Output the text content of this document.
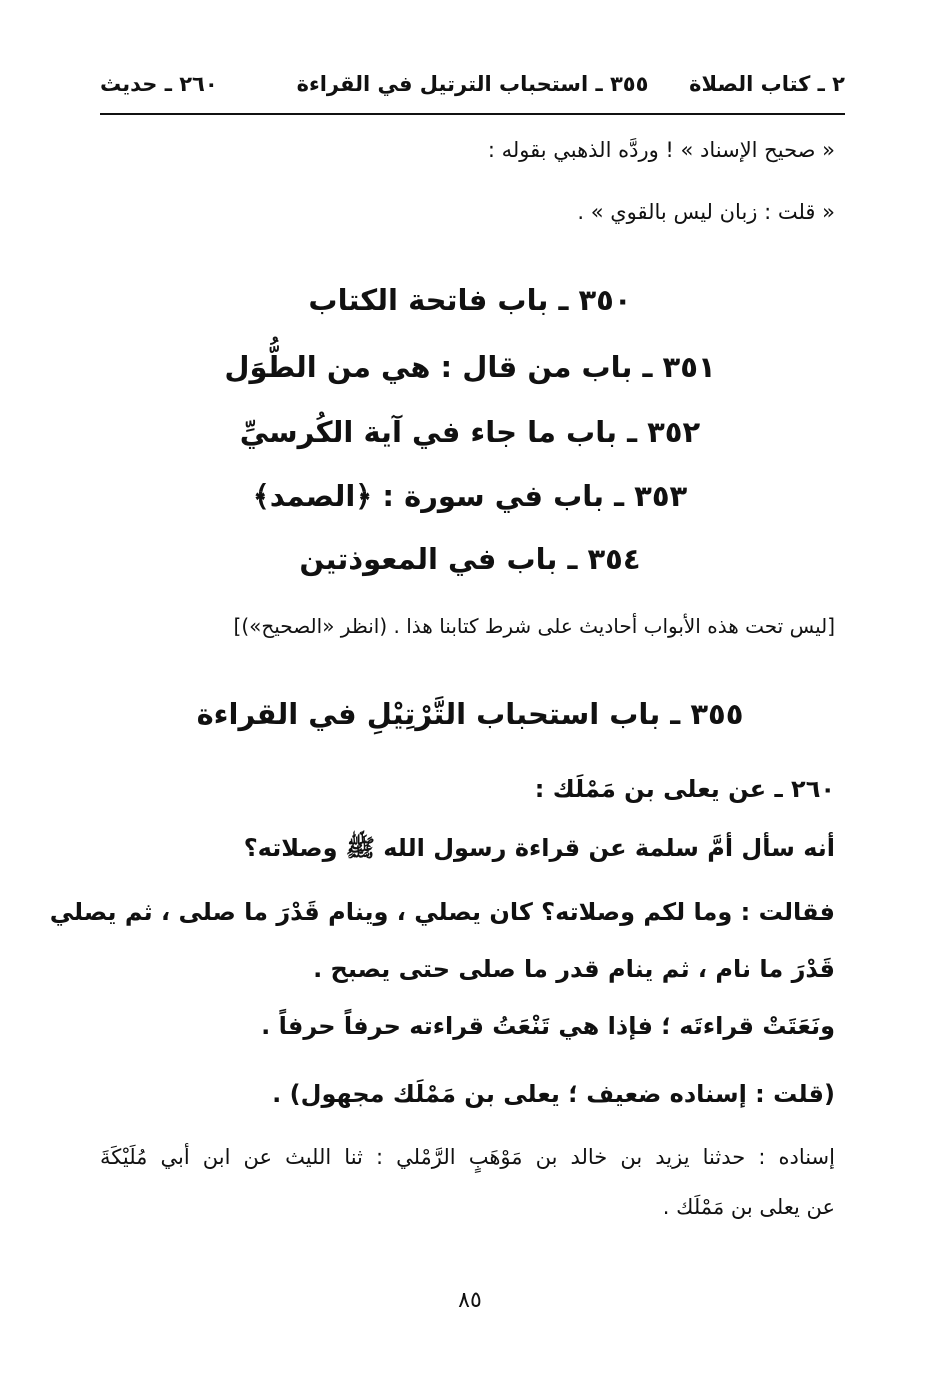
٢ ـ كتاب الصلاة
٣٥٥ ـ استحباب الترتيل في القراءة
٢٦٠ ـ حديث
« صحيح الإسناد » ! وردَّه الذهبي بقوله :
« قلت : زبان ليس بالقوي » .
٣٥٠ ـ باب فاتحة الكتاب
٣٥١ ـ باب من قال : هي من الطُّوَل
٣٥٢ ـ باب ما جاء في آية الكُرسيِّ
٣٥٣ ـ باب في سورة : ﴿الصمد﴾
٣٥٤ ـ باب في المعوذتين
[ليس تحت هذه الأبواب أحاديث على شرط كتابنا هذا . (انظر «الصحيح»)]
٣٥٥ ـ باب استحباب التَّرْتِيْلِ في القراءة
٢٦٠ ـ عن يعلى بن مَمْلَك :
أنه سأل أمَّ سلمة عن قراءة رسول الله ﷺ وصلاته؟
فقالت : وما لكم وصلاته؟ كان يصلي ، وينام قَدْرَ ما صلى ، ثم يصلي
قَدْرَ ما نام ، ثم ينام قدر ما صلى حتى يصبح .
ونَعَتَتْ قراءتَه ؛ فإذا هي تَنْعَتُ قراءته حرفاً حرفاً .
(قلت : إسناده ضعيف ؛ يعلى بن مَمْلَك مجهول) .
إسناده : حدثنا يزيد بن خالد بن مَوْهَبٍ الرَّمْلي : ثنا الليث عن ابن أبي مُلَيْكَةَ
عن يعلى بن مَمْلَك .
٨٥
